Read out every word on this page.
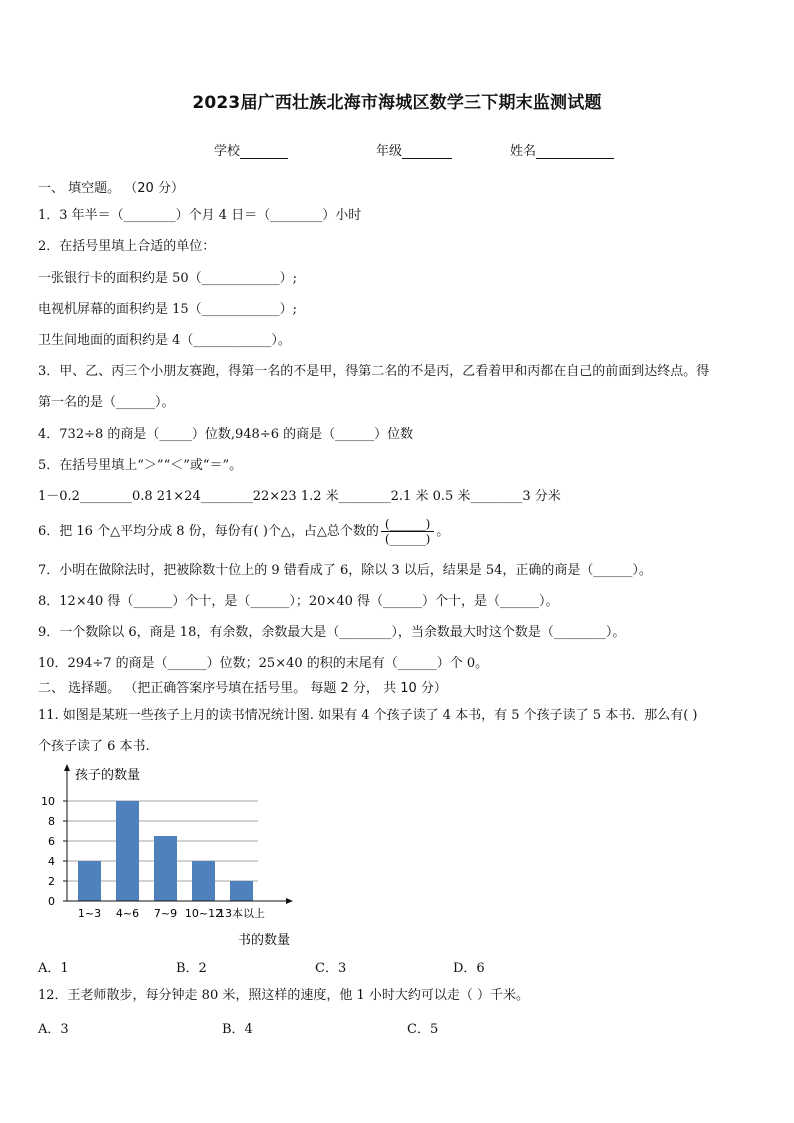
2023届广西壮族北海市海城区数学三下期末监测试题
学校	年级	姓名
一、 填空题。 （20 分）
1．3 年半＝（________）个月 4 日＝（________）小时
2．在括号里填上合适的单位：
一张银行卡的面积约是 50（____________）;
电视机屏幕的面积约是 15（____________）;
卫生间地面的面积约是 4（____________）。
3．甲、乙、丙三个小朋友赛跑，得第一名的不是甲，得第二名的不是丙，乙看着甲和丙都在自己的前面到达终点。得
第一名的是（______）。
4．732÷8 的商是（_____）位数,948÷6 的商是（______）位数
5．在括号里填上“＞”“＜”或“＝”。
1－0.2________0.8 21×24________22×23 1.2 米________2.1 米 0.5 米________3 分米
6．把 16 个△平均分成 8 份，每份有( )个△，占△总个数的 $\frac{(\_\_\_\_\_\_)}{(\_\_\_\_\_\_)}$ 。
7．小明在做除法时，把被除数十位上的 9 错看成了 6，除以 3 以后，结果是 54，正确的商是（______）。
8．12×40 得（______）个十，是（______）；20×40 得（______）个十，是（______）。
9．一个数除以 6，商是 18，有余数，余数最大是（________），当余数最大时这个数是（________）。
10．294÷7 的商是（______）位数；25×40 的积的末尾有（______）个 0。
二、 选择题。 （把正确答案序号填在括号里。 每题 2 分， 共 10 分）
11. 如图是某班一些孩子上月的读书情况统计图. 如果有 4 个孩子读了 4 本书，有 5 个孩子读了 5 本书．那么有( )
个孩子读了 6 本书.
0
2
4
6
8
10
1~3 4~6 7~9 10~12
13本以上
孩子的数量
书的数量
A．1	B．2	C．3	D．6
12．王老师散步，每分钟走 80 米，照这样的速度，他 1 小时大约可以走（ ）千米。
A．3	B．4	C．5
